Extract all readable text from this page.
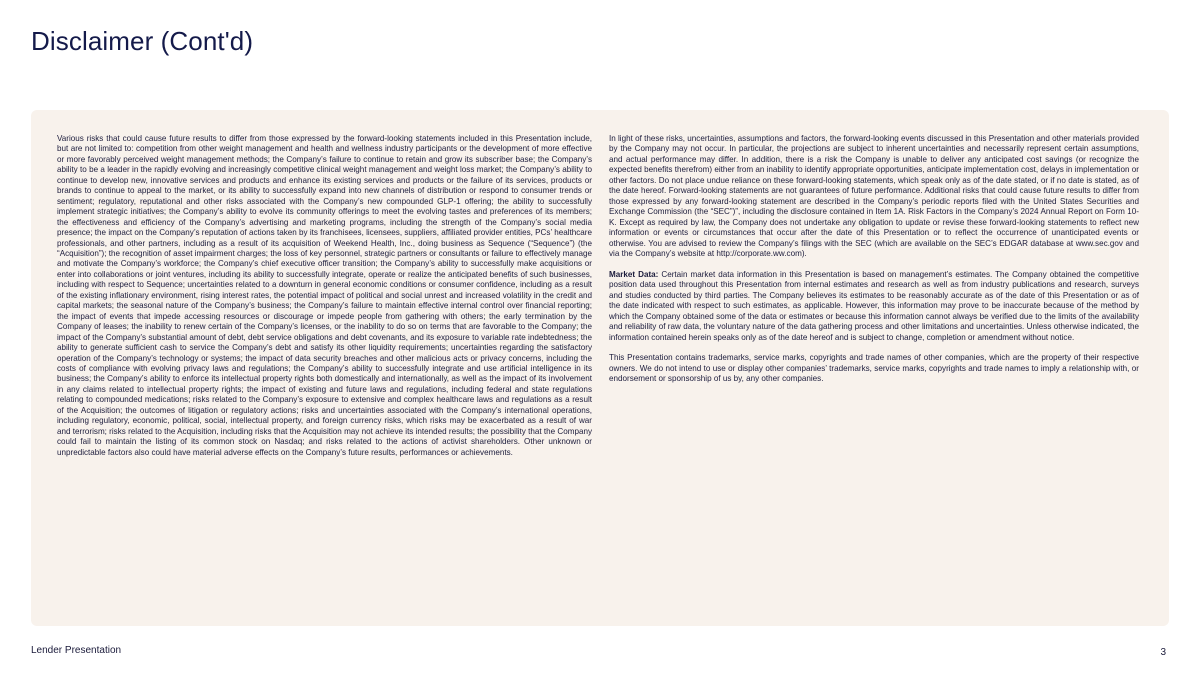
Disclaimer (Cont'd)

Various risks that could cause future results to differ from those expressed by the forward-looking statements included in this Presentation include, but are not limited to: competition from other weight management and health and wellness industry participants or the development of more effective or more favorably perceived weight management methods; the Company’s failure to continue to retain and grow its subscriber base; the Company’s ability to be a leader in the rapidly evolving and increasingly competitive clinical weight management and weight loss market; the Company’s ability to continue to develop new, innovative services and products and enhance its existing services and products or the failure of its services, products or brands to continue to appeal to the market, or its ability to successfully expand into new channels of distribution or respond to consumer trends or sentiment; regulatory, reputational and other risks associated with the Company’s new compounded GLP-1 offering; the ability to successfully implement strategic initiatives; the Company’s ability to evolve its community offerings to meet the evolving tastes and preferences of its members; the effectiveness and efficiency of the Company’s advertising and marketing programs, including the strength of the Company’s social media presence; the impact on the Company’s reputation of actions taken by its franchisees, licensees, suppliers, affiliated provider entities, PCs’ healthcare professionals, and other partners, including as a result of its acquisition of Weekend Health, Inc., doing business as Sequence (“Sequence”) (the “Acquisition”); the recognition of asset impairment charges; the loss of key personnel, strategic partners or consultants or failure to effectively manage and motivate the Company’s workforce; the Company’s chief executive officer transition; the Company’s ability to successfully make acquisitions or enter into collaborations or joint ventures, including its ability to successfully integrate, operate or realize the anticipated benefits of such businesses, including with respect to Sequence; uncertainties related to a downturn in general economic conditions or consumer confidence, including as a result of the existing inflationary environment, rising interest rates, the potential impact of political and social unrest and increased volatility in the credit and capital markets; the seasonal nature of the Company’s business; the Company’s failure to maintain effective internal control over financial reporting; the impact of events that impede accessing resources or discourage or impede people from gathering with others; the early termination by the Company of leases; the inability to renew certain of the Company’s licenses, or the inability to do so on terms that are favorable to the Company; the impact of the Company’s substantial amount of debt, debt service obligations and debt covenants, and its exposure to variable rate indebtedness; the ability to generate sufficient cash to service the Company’s debt and satisfy its other liquidity requirements; uncertainties regarding the satisfactory operation of the Company’s technology or systems; the impact of data security breaches and other malicious acts or privacy concerns, including the costs of compliance with evolving privacy laws and regulations; the Company’s ability to successfully integrate and use artificial intelligence in its business; the Company’s ability to enforce its intellectual property rights both domestically and internationally, as well as the impact of its involvement in any claims related to intellectual property rights; the impact of existing and future laws and regulations, including federal and state regulations relating to compounded medications; risks related to the Company’s exposure to extensive and complex healthcare laws and regulations as a result of the Acquisition; the outcomes of litigation or regulatory actions; risks and uncertainties associated with the Company’s international operations, including regulatory, economic, political, social, intellectual property, and foreign currency risks, which risks may be exacerbated as a result of war and terrorism; risks related to the Acquisition, including risks that the Acquisition may not achieve its intended results; the possibility that the Company could fail to maintain the listing of its common stock on Nasdaq; and risks related to the actions of activist shareholders. Other unknown or unpredictable factors also could have material adverse effects on the Company’s future results, performances or achievements.

In light of these risks, uncertainties, assumptions and factors, the forward-looking events discussed in this Presentation and other materials provided by the Company may not occur. In particular, the projections are subject to inherent uncertainties and necessarily represent certain assumptions, and actual performance may differ. In addition, there is a risk the Company is unable to deliver any anticipated cost savings (or recognize the expected benefits therefrom) either from an inability to identify appropriate opportunities, anticipate implementation cost, delays in implementation or other factors. Do not place undue reliance on these forward-looking statements, which speak only as of the date stated, or if no date is stated, as of the date hereof. Forward-looking statements are not guarantees of future performance. Additional risks that could cause future results to differ from those expressed by any forward-looking statement are described in the Company’s periodic reports filed with the United States Securities and Exchange Commission (the “SEC”)”, including the disclosure contained in Item 1A. Risk Factors in the Company’s 2024 Annual Report on Form 10-K. Except as required by law, the Company does not undertake any obligation to update or revise these forward-looking statements to reflect new information or events or circumstances that occur after the date of this Presentation or to reflect the occurrence of unanticipated events or otherwise. You are advised to review the Company’s filings with the SEC (which are available on the SEC’s EDGAR database at www.sec.gov and via the Company’s website at http://corporate.ww.com).

Market Data: Certain market data information in this Presentation is based on management’s estimates. The Company obtained the competitive position data used throughout this Presentation from internal estimates and research as well as from industry publications and research, surveys and studies conducted by third parties. The Company believes its estimates to be reasonably accurate as of the date of this Presentation or as of the date indicated with respect to such estimates, as applicable. However, this information may prove to be inaccurate because of the method by which the Company obtained some of the data or estimates or because this information cannot always be verified due to the limits of the availability and reliability of raw data, the voluntary nature of the data gathering process and other limitations and uncertainties. Unless otherwise indicated, the information contained herein speaks only as of the date hereof and is subject to change, completion or amendment without notice.

This Presentation contains trademarks, service marks, copyrights and trade names of other companies, which are the property of their respective owners. We do not intend to use or display other companies’ trademarks, service marks, copyrights and trade names to imply a relationship with, or endorsement or sponsorship of us by, any other companies.

Lender Presentation	3
